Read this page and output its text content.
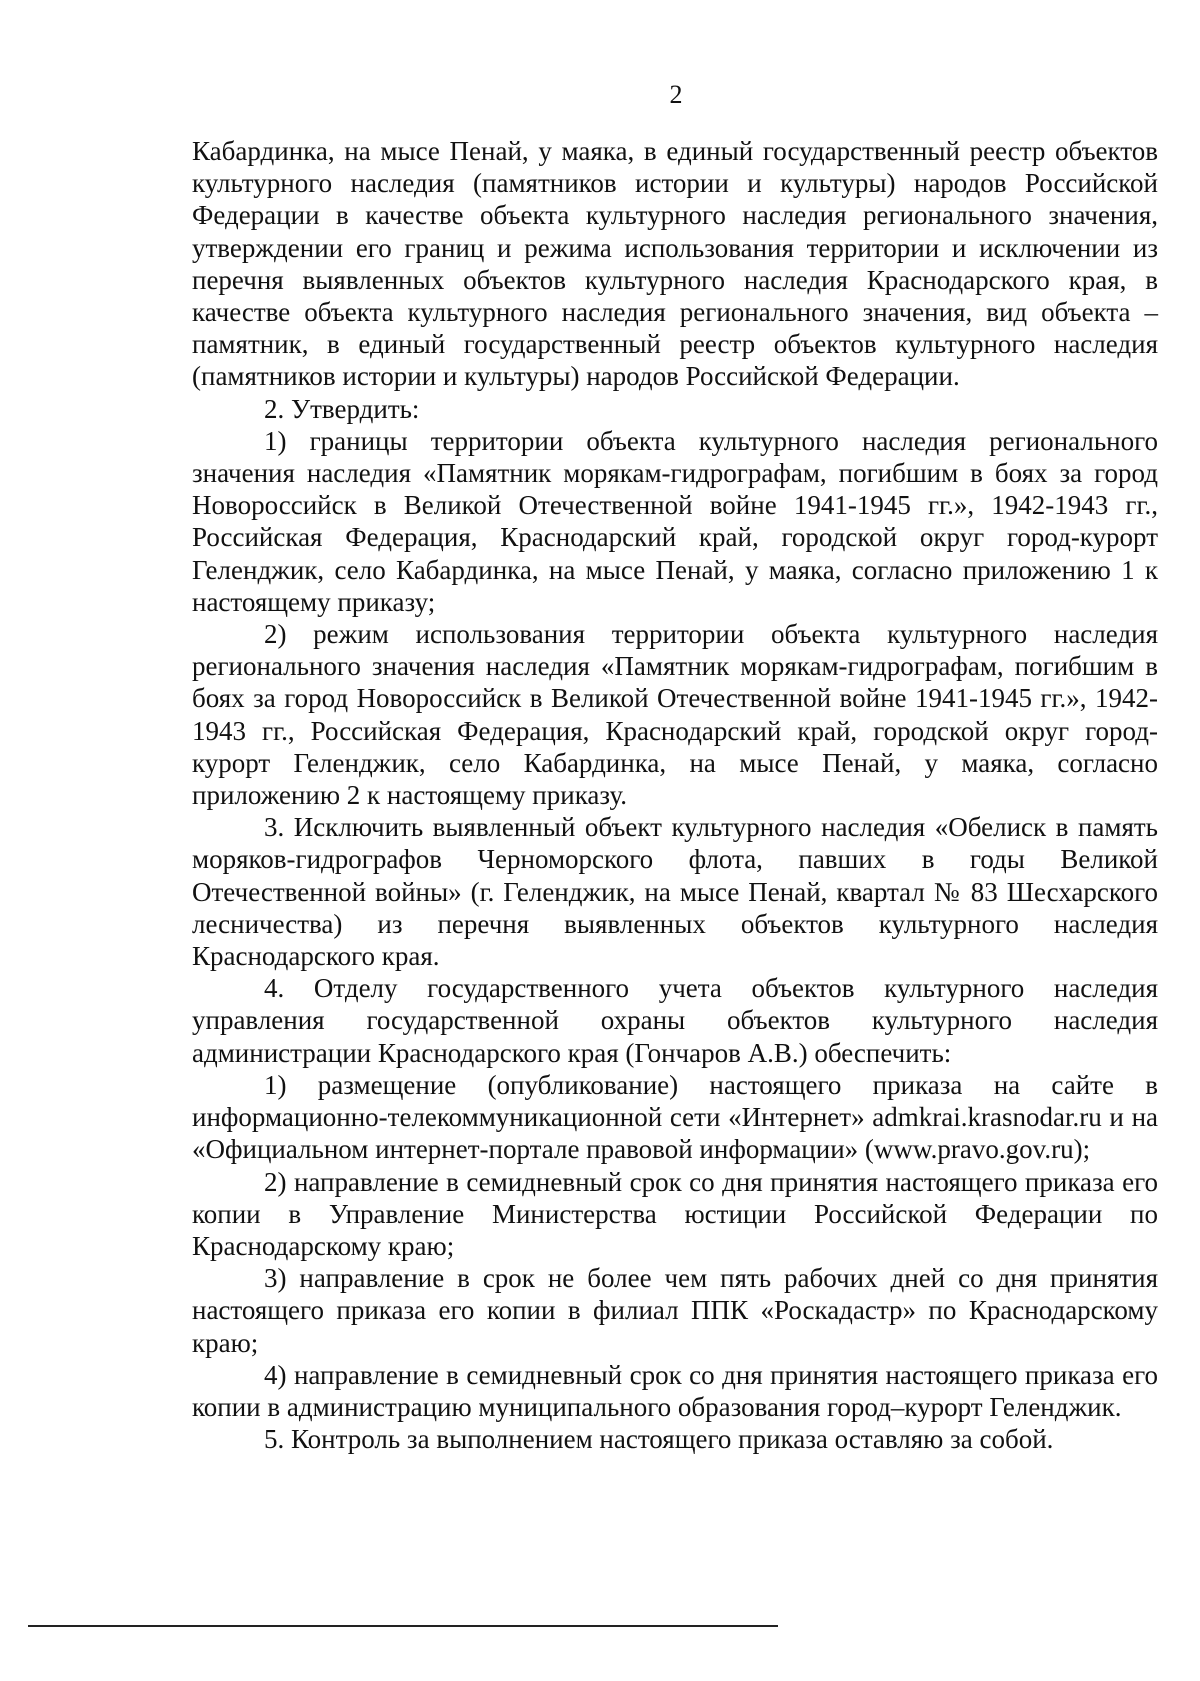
2

Кабардинка, на мысе Пенай, у маяка, в единый государственный реестр объектов культурного наследия (памятников истории и культуры) народов Российской Федерации в качестве объекта культурного наследия регионального значения, утверждении его границ и режима использования территории и исключении из перечня выявленных объектов культурного наследия Краснодарского края, в качестве объекта культурного наследия регионального значения, вид объекта – памятник, в единый государственный реестр объектов культурного наследия (памятников истории и культуры) народов Российской Федерации.

2. Утвердить:

1) границы территории объекта культурного наследия регионального значения наследия «Памятник морякам-гидрографам, погибшим в боях за город Новороссийск в Великой Отечественной войне 1941-1945 гг.», 1942-1943 гг., Российская Федерация, Краснодарский край, городской округ город-курорт Геленджик, село Кабардинка, на мысе Пенай, у маяка, согласно приложению 1 к настоящему приказу;

2) режим использования территории объекта культурного наследия регионального значения наследия «Памятник морякам-гидрографам, погибшим в боях за город Новороссийск в Великой Отечественной войне 1941-1945 гг.», 1942-1943 гг., Российская Федерация, Краснодарский край, городской округ город-курорт Геленджик, село Кабардинка, на мысе Пенай, у маяка, согласно приложению 2 к настоящему приказу.

3. Исключить выявленный объект культурного наследия «Обелиск в память моряков-гидрографов Черноморского флота, павших в годы Великой Отечественной войны» (г. Геленджик, на мысе Пенай, квартал № 83 Шесхарского лесничества) из перечня выявленных объектов культурного наследия Краснодарского края.

4. Отделу государственного учета объектов культурного наследия управления государственной охраны объектов культурного наследия администрации Краснодарского края (Гончаров А.В.) обеспечить:

1) размещение (опубликование) настоящего приказа на сайте в информационно-телекоммуникационной сети «Интернет» admkrai.krasnodar.ru и на «Официальном интернет-портале правовой информации» (www.pravo.gov.ru);

2) направление в семидневный срок со дня принятия настоящего приказа его копии в Управление Министерства юстиции Российской Федерации по Краснодарскому краю;

3) направление в срок не более чем пять рабочих дней со дня принятия настоящего приказа его копии в филиал ППК «Роскадастр» по Краснодарскому краю;

4) направление в семидневный срок со дня принятия настоящего приказа его копии в администрацию муниципального образования город–курорт Геленджик.

5. Контроль за выполнением настоящего приказа оставляю за собой.
